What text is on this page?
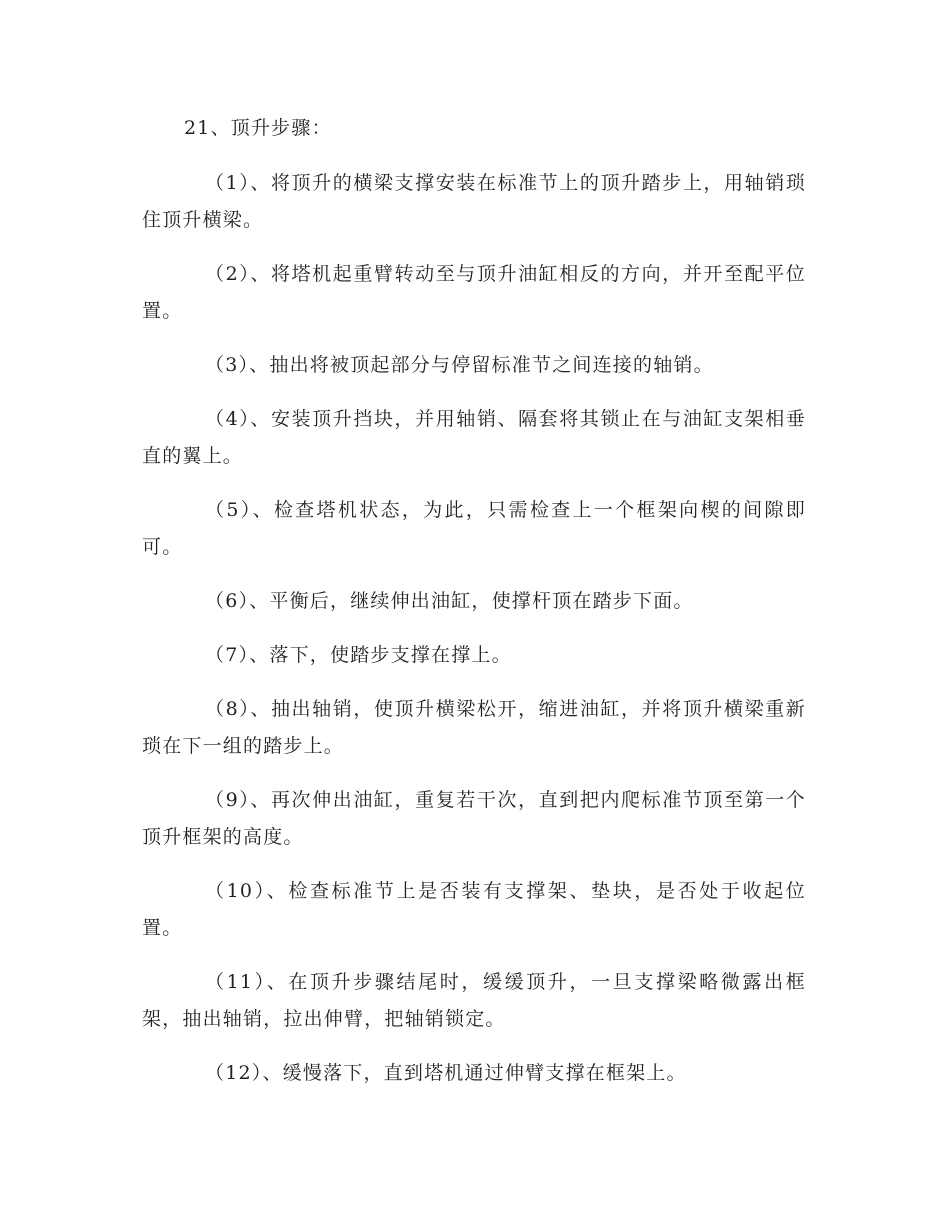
21、顶升步骤：

（1）、将顶升的横梁支撑安装在标准节上的顶升踏步上，用轴销琐住顶升横梁。

（2）、将塔机起重臂转动至与顶升油缸相反的方向，并开至配平位置。

（3）、抽出将被顶起部分与停留标准节之间连接的轴销。

（4）、安装顶升挡块，并用轴销、隔套将其锁止在与油缸支架相垂直的翼上。

（5）、检查塔机状态，为此，只需检查上一个框架向楔的间隙即可。

（6）、平衡后，继续伸出油缸，使撑杆顶在踏步下面。

（7）、落下，使踏步支撑在撑上。

（8）、抽出轴销，使顶升横梁松开，缩进油缸，并将顶升横梁重新琐在下一组的踏步上。

（9）、再次伸出油缸，重复若干次，直到把内爬标准节顶至第一个顶升框架的高度。

（10）、检查标准节上是否装有支撑架、垫块，是否处于收起位置。

（11）、在顶升步骤结尾时，缓缓顶升，一旦支撑梁略微露出框架，抽出轴销，拉出伸臂，把轴销锁定。

（12）、缓慢落下，直到塔机通过伸臂支撑在框架上。
